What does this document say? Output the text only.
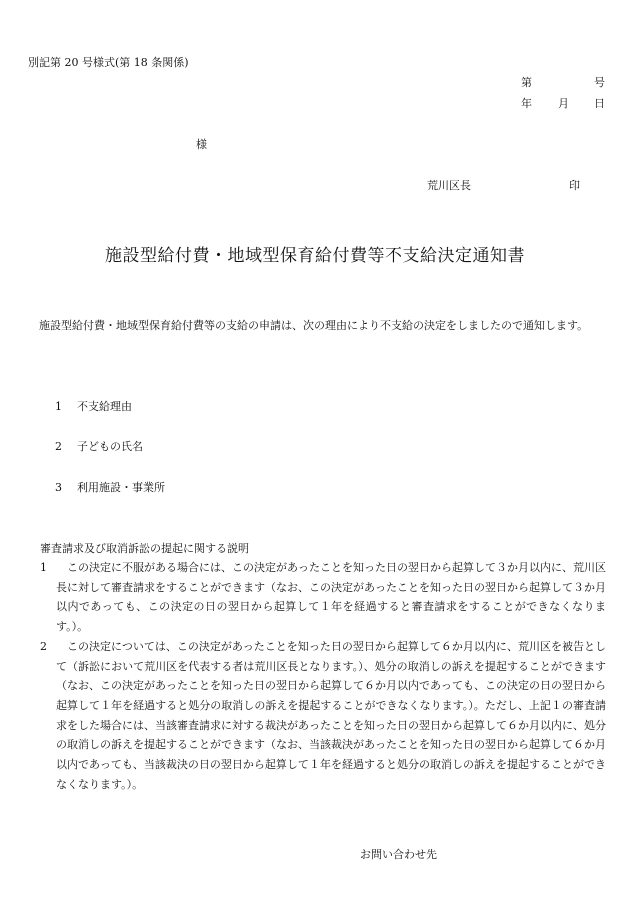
別記第 20 号様式(第 18 条関係)
第	号
年 月 日
様
荒川区長	印
施設型給付費・地域型保育給付費等不支給決定通知書
施設型給付費・地域型保育給付費等の支給の申請は、次の理由により不支給の決定をしましたので通知します。
1 不支給理由
2 子どもの氏名
3 利用施設・事業所
審査請求及び取消訴訟の提起に関する説明
1	この決定に不服がある場合には、この決定があったことを知った日の翌日から起算して３か月以内に、荒川区長に対して審査請求をすることができます（なお、この決定があったことを知った日の翌日から起算して３か月以内であっても、この決定の日の翌日から起算して１年を経過すると審査請求をすることができなくなります。）。
2	この決定については、この決定があったことを知った日の翌日から起算して６か月以内に、荒川区を被告として（訴訟において荒川区を代表する者は荒川区長となります。）、処分の取消しの訴えを提起することができます（なお、この決定があったことを知った日の翌日から起算して６か月以内であっても、この決定の日の翌日から起算して１年を経過すると処分の取消しの訴えを提起することができなくなります。）。ただし、上記１の審査請求をした場合には、当該審査請求に対する裁決があったことを知った日の翌日から起算して６か月以内に、処分の取消しの訴えを提起することができます（なお、当該裁決があったことを知った日の翌日から起算して６か月以内であっても、当該裁決の日の翌日から起算して１年を経過すると処分の取消しの訴えを提起することができなくなります。）。
お問い合わせ先
